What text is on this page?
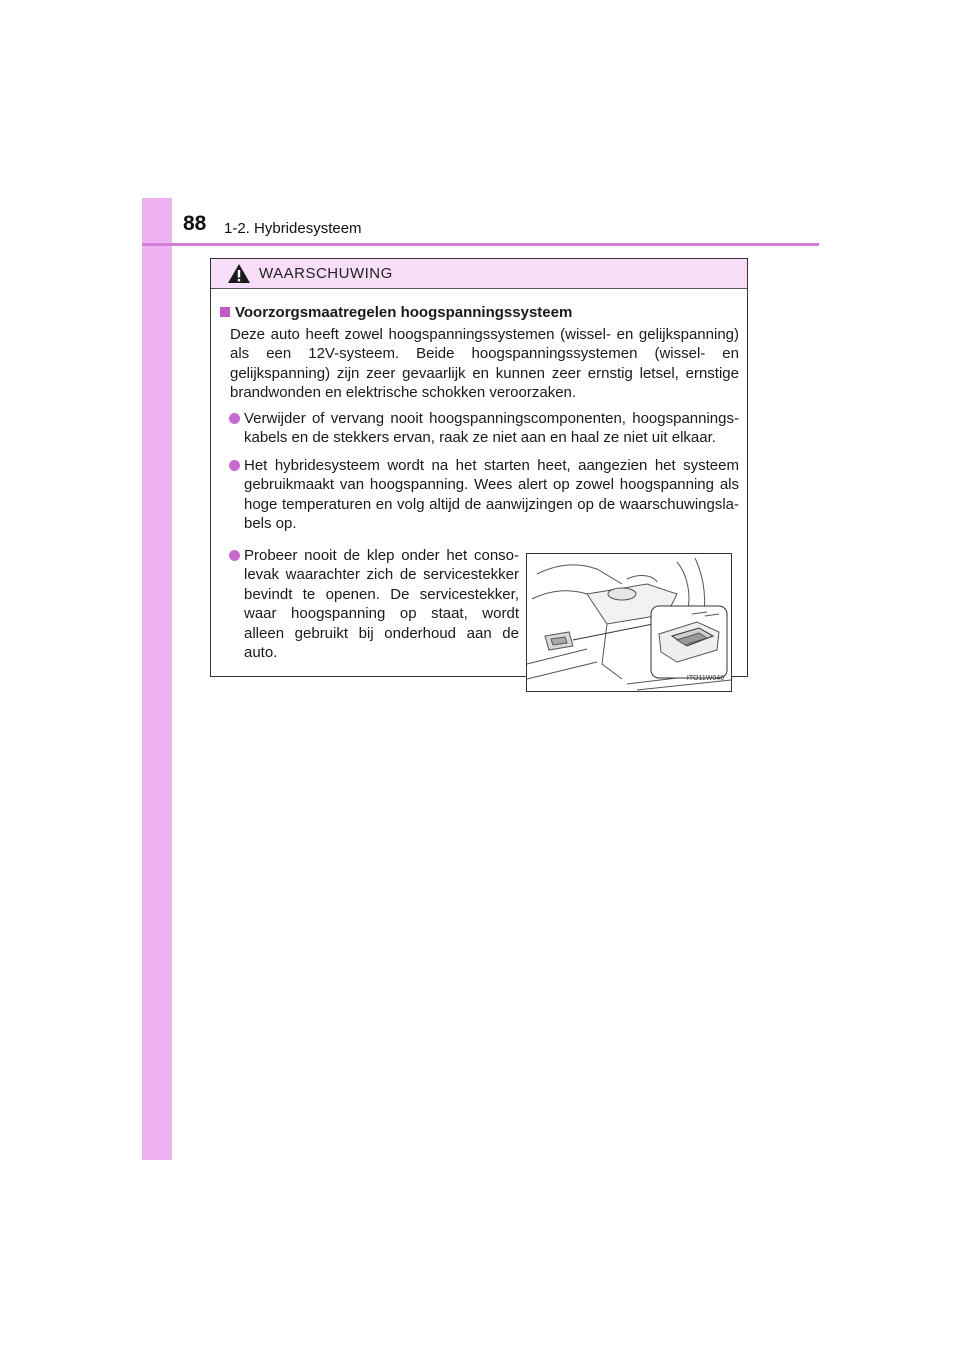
88 1-2. Hybridesysteem
WAARSCHUWING
Voorzorgsmaatregelen hoogspanningssysteem
Deze auto heeft zowel hoogspanningssystemen (wissel- en gelijkspanning) als een 12V-systeem. Beide hoogspanningssystemen (wissel- en gelijkspanning) zijn zeer gevaarlijk en kunnen zeer ernstig letsel, ernstige brandwonden en elektrische schokken veroorzaken.
Verwijder of vervang nooit hoogspanningscomponenten, hoogspannings-kabels en de stekkers ervan, raak ze niet aan en haal ze niet uit elkaar.
Het hybridesysteem wordt na het starten heet, aangezien het systeem gebruikmaakt van hoogspanning. Wees alert op zowel hoogspanning als hoge temperaturen en volg altijd de aanwijzingen op de waarschuwingsla-bels op.
Probeer nooit de klep onder het conso-levak waarachter zich de servicestekker bevindt te openen. De servicestekker, waar hoogspanning op staat, wordt alleen gebruikt bij onderhoud aan de auto.
ITO11W046
